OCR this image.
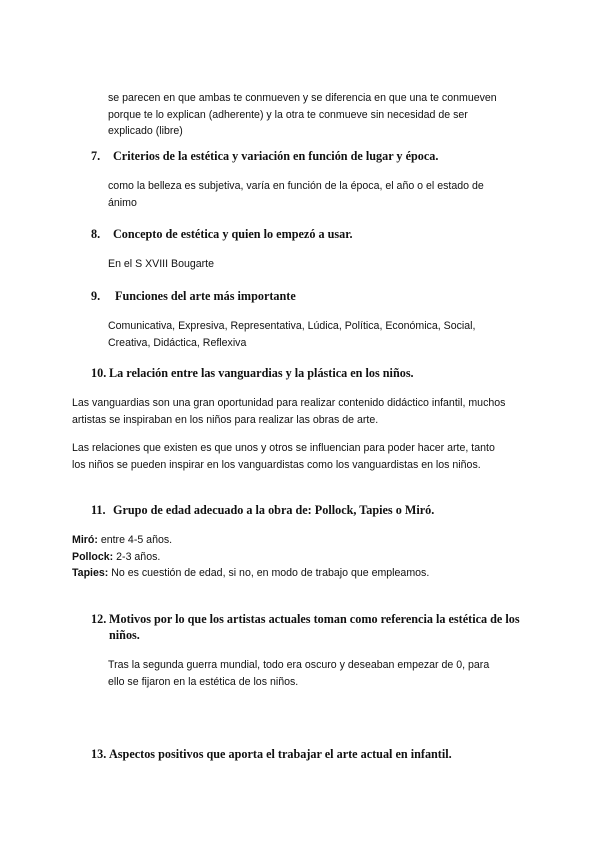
se parecen en que ambas te conmueven y se diferencia en que una te conmueven
porque te lo explican (adherente) y la otra te conmueve sin necesidad de ser
explicado (libre)
7.	Criterios de la estética y variación en función de lugar y época.
como la belleza es subjetiva, varía en función de la época, el año o el estado de
ánimo
8.	Concepto de estética y quien lo empezó a usar.
En el S XVIII Bougarte
9.	Funciones del arte más importante
Comunicativa, Expresiva, Representativa, Lúdica, Política, Económica, Social,
Creativa, Didáctica, Reflexiva
10. La relación entre las vanguardias y la plástica en los niños.
Las vanguardias son una gran oportunidad para realizar contenido didáctico infantil, muchos
artistas se inspiraban en los niños para realizar las obras de arte.
Las relaciones que existen es que unos y otros se influencian para poder hacer arte, tanto
los niños se pueden inspirar en los vanguardistas como los vanguardistas en los niños.
11. Grupo de edad adecuado a la obra de: Pollock, Tapies o Miró.
Miró: entre 4-5 años.
Pollock: 2-3 años.
Tapies: No es cuestión de edad, si no, en modo de trabajo que empleamos.
12. Motivos por lo que los artistas actuales toman como referencia la estética de los
niños.
Tras la segunda guerra mundial, todo era oscuro y deseaban empezar de 0, para
ello se fijaron en la estética de los niños.
13. Aspectos positivos que aporta el trabajar el arte actual en infantil.
